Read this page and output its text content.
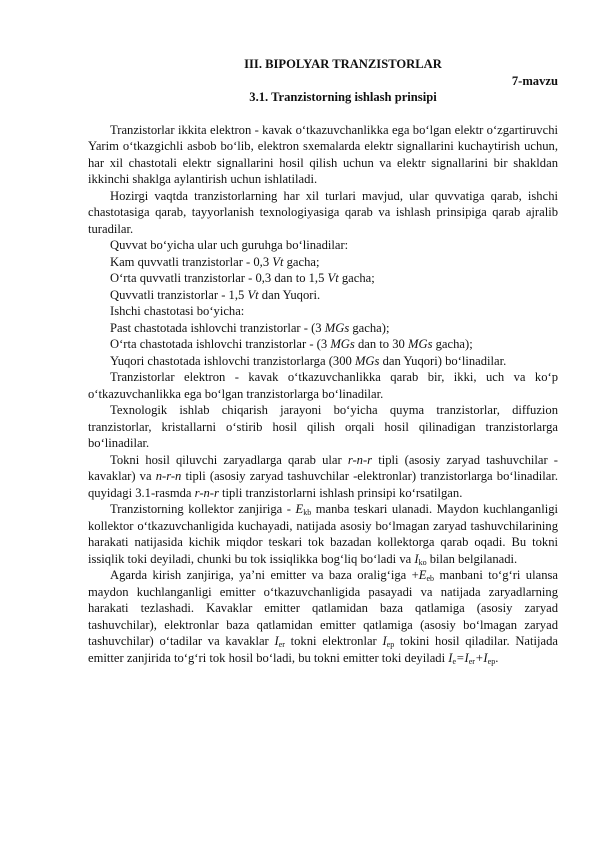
III. BIPOLYAR TRANZISTORLAR
7-mavzu
3.1. Tranzistorning ishlash prinsipi

Tranzistorlar ikkita elektron - kavak o‘tkazuvchanlikka ega bo‘lgan elektr o‘zgartiruvchi Yarim o‘tkazgichli asbob bo‘lib, elektron sxemalarda elektr signallarini kuchaytirish uchun, har xil chastotali elektr signallarini hosil qilish uchun va elektr signallarini bir shakldan ikkinchi shaklga aylantirish uchun ishlatiladi.

Hozirgi vaqtda tranzistorlarning har xil turlari mavjud, ular quvvatiga qarab, ishchi chastotasiga qarab, tayyorlanish texnologiyasiga qarab va ishlash prinsipiga qarab ajralib turadilar.

Quvvat bo‘yicha ular uch guruhga bo‘linadilar:

Kam quvvatli tranzistorlar - 0,3 Vt gacha;

O‘rta quvvatli tranzistorlar - 0,3 dan to 1,5 Vt gacha;

Quvvatli tranzistorlar - 1,5 Vt dan Yuqori.

Ishchi chastotasi bo‘yicha:

Past chastotada ishlovchi tranzistorlar - (3 MGs gacha);

O‘rta chastotada ishlovchi tranzistorlar - (3 MGs dan to 30 MGs gacha);

Yuqori chastotada ishlovchi tranzistorlarga (300 MGs dan Yuqori) bo‘linadilar.

Tranzistorlar elektron - kavak o‘tkazuvchanlikka qarab bir, ikki, uch va ko‘p o‘tkazuvchanlikka ega bo‘lgan tranzistorlarga bo‘linadilar.

Texnologik ishlab chiqarish jarayoni bo‘yicha quyma tranzistorlar, diffuzion tranzistorlar, kristallarni o‘stirib hosil qilish orqali hosil qilinadigan tranzistorlarga bo‘linadilar.

Tokni hosil qiluvchi zaryadlarga qarab ular r-n-r tipli (asosiy zaryad tashuvchilar - kavaklar) va n-r-n tipli (asosiy zaryad tashuvchilar -elektronlar) tranzistorlarga bo‘linadilar. quyidagi 3.1-rasmda r-n-r tipli tranzistorlarni ishlash prinsipi ko‘rsatilgan.

Tranzistorning kollektor zanjiriga - $E_{kb}$ manba teskari ulanadi. Maydon kuchlanganligi kollektor o‘tkazuvchanligida kuchayadi, natijada asosiy bo‘lmagan zaryad tashuvchilarining harakati natijasida kichik miqdor teskari tok bazadan kollektorga qarab oqadi. Bu tokni issiqlik toki deyiladi, chunki bu tok issiqlikka bog‘liq bo‘ladi va $I_{ko}$ bilan belgilanadi.

Agarda kirish zanjiriga, ya’ni emitter va baza oralig‘iga $+E_{eb}$ manbani to‘g‘ri ulansa maydon kuchlanganligi emitter o‘tkazuvchanligida pasayadi va natijada zaryadlarning harakati tezlashadi. Kavaklar emitter qatlamidan baza qatlamiga (asosiy zaryad tashuvchilar), elektronlar baza qatlamidan emitter qatlamiga (asosiy bo‘lmagan zaryad tashuvchilar) o‘tadilar va kavaklar $I_{er}$ tokni elektronlar $I_{ep}$ tokini hosil qiladilar. Natijada emitter zanjirida to‘g‘ri tok hosil bo‘ladi, bu tokni emitter toki deyiladi $I_e=I_{er}+I_{ep}$.
